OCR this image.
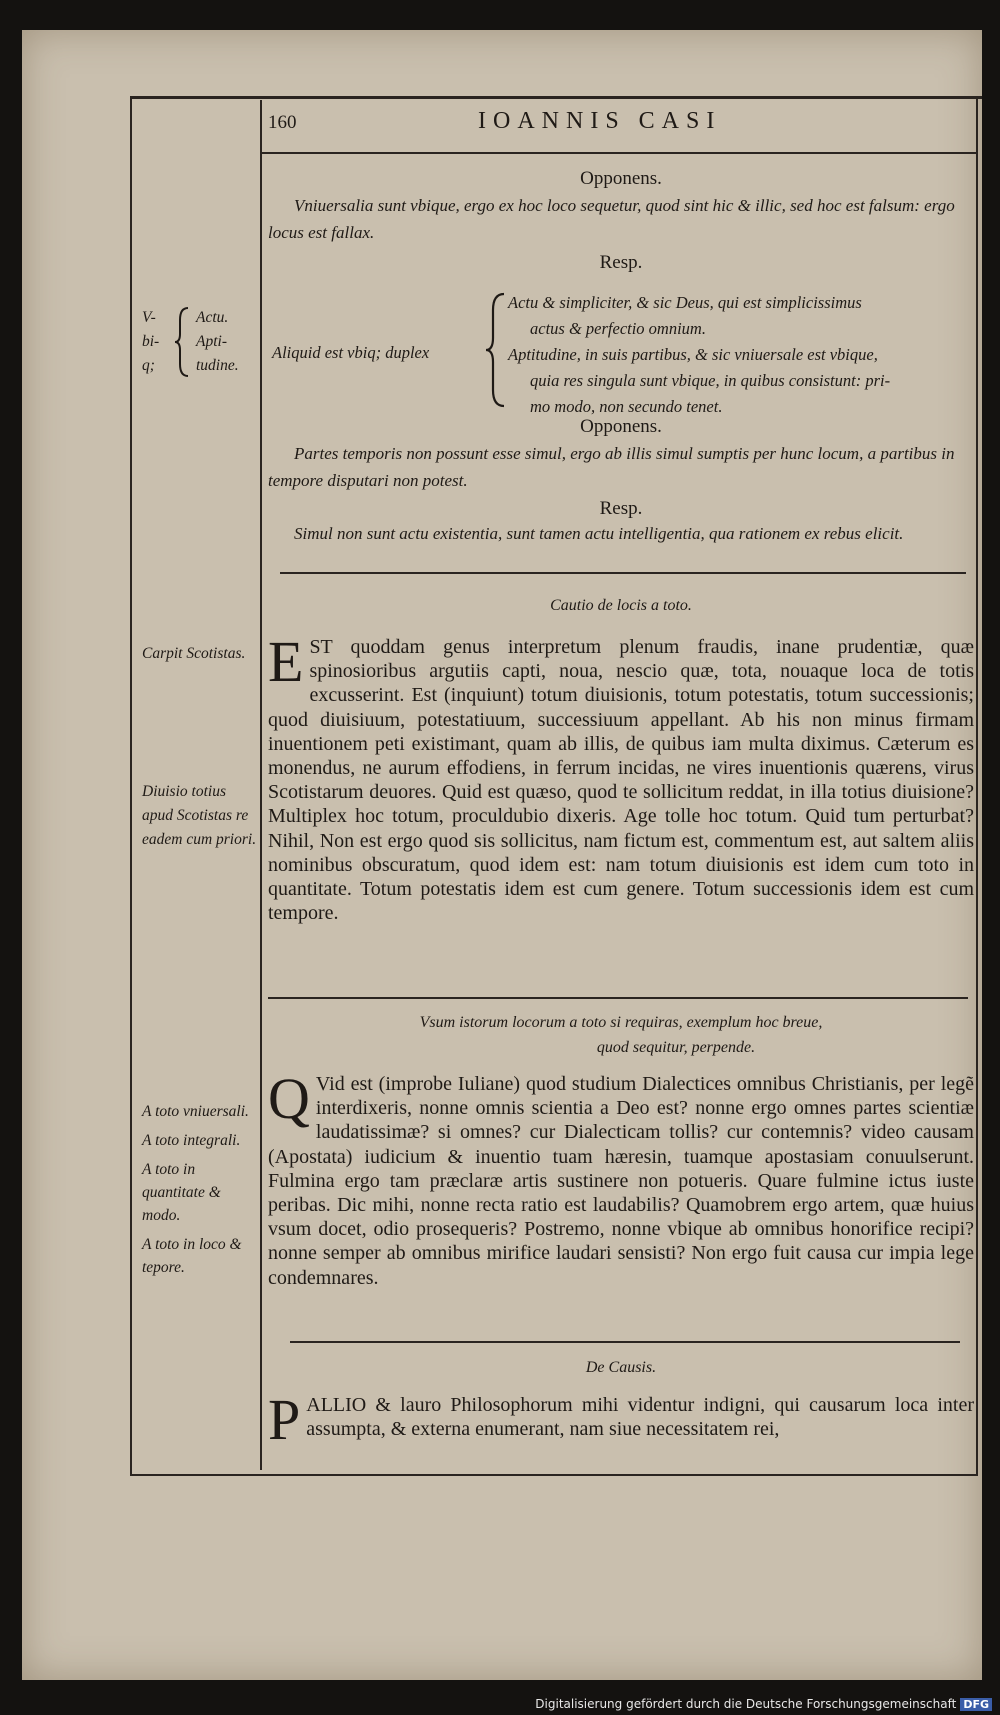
160	IOANNIS CASI
Opponens.
Vniuersalia sunt vbique, ergo ex hoc loco sequetur, quod sint hic & illic, sed hoc est falsum: ergo locus est fallax.
Resp.
V-
bi-
q;
Actu.
Apti-
tudine.
Aliquid est vbiq; duplex
Actu & simpliciter, & sic Deus, qui est simplicissimus
actus & perfectio omnium.
Aptitudine, in suis partibus, & sic vniuersale est vbique,
quia res singula sunt vbique, in quibus consistunt: pri-
mo modo, non secundo tenet.
Opponens.
Partes temporis non possunt esse simul, ergo ab illis simul sumptis per hunc locum, a partibus in tempore disputari non potest.
Resp.
Simul non sunt actu existentia, sunt tamen actu intelligentia, qua rationem ex rebus elicit.
Cautio de locis a toto.
EST quoddam genus interpretum plenum fraudis, inane prudentiæ, quæ spinosioribus argutiis capti, noua, nescio quæ, tota, nouaque loca de totis excusserint. Est (inquiunt) totum diuisionis, totum potestatis, totum successionis; quod diuisiuum, potestatiuum, successiuum appellant. Ab his non minus firmam inuentionem peti existimant, quam ab illis, de quibus iam multa diximus. Cæterum es monendus, ne aurum effodiens, in ferrum incidas, ne vires inuentionis quærens, virus Scotistarum deuores. Quid est quæso, quod te sollicitum reddat, in illa totius diuisione? Multiplex hoc totum, proculdubio dixeris. Age tolle hoc totum. Quid tum perturbat? Nihil, Non est ergo quod sis sollicitus, nam fictum est, commentum est, aut saltem aliis nominibus obscuratum, quod idem est: nam totum diuisionis est idem cum toto in quantitate. Totum potestatis idem est cum genere. Totum successionis idem est cum tempore.
Carpit Scotistas.
Diuisio totius apud Scotistas re eadem cum priori.
Vsum istorum locorum a toto si requiras, exemplum hoc breue,
quod sequitur, perpende.
Q Vid est (improbe Iuliane) quod studium Dialectices omnibus Christianis, per legẽ interdixeris, nonne omnis scientia a Deo est? nonne ergo omnes partes scientiæ laudatissimæ? si omnes? cur Dialecticam tollis? cur contemnis? video causam (Apostata) iudicium & inuentio tuam hæresin, tuamque apostasiam conuulserunt. Fulmina ergo tam præclaræ artis sustinere non potueris. Quare fulmine ictus iuste peribas. Dic mihi, nonne recta ratio est laudabilis? Quamobrem ergo artem, quæ huius vsum docet, odio prosequeris? Postremo, nonne vbique ab omnibus honorifice recipi? nonne semper ab omnibus mirifice laudari sensisti? Non ergo fuit causa cur impia lege condemnares.
A toto vniuersali.
A toto integrali.
A toto in quantitate & modo.
A toto in loco & tepore.
De Causis.
PALLIO & lauro Philosophorum mihi videntur indigni, qui causarum loca inter assumpta, & externa enumerant, nam siue necessitatem rei,
Digitalisierung gefördert durch die Deutsche Forschungsgemeinschaft DFG
